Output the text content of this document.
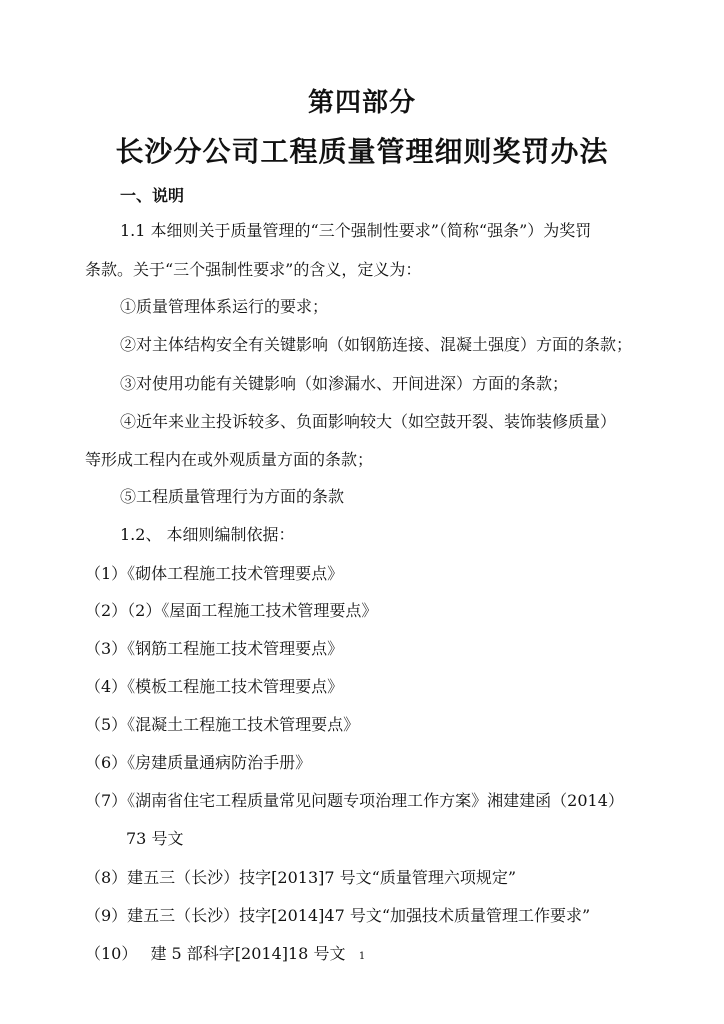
第四部分
长沙分公司工程质量管理细则奖罚办法
一、说明
1.1 本细则关于质量管理的“三个强制性要求”（简称“强条”）为奖罚
条款。关于“三个强制性要求”的含义，定义为：
①质量管理体系运行的要求；
②对主体结构安全有关键影响（如钢筋连接、混凝土强度）方面的条款；
③对使用功能有关键影响（如渗漏水、开间进深）方面的条款；
④近年来业主投诉较多、负面影响较大（如空鼓开裂、装饰装修质量）
等形成工程内在或外观质量方面的条款；
⑤工程质量管理行为方面的条款
1.2、 本细则编制依据：
（1）《砌体工程施工技术管理要点》
（2）（2）《屋面工程施工技术管理要点》
（3）《钢筋工程施工技术管理要点》
（4）《模板工程施工技术管理要点》
（5）《混凝土工程施工技术管理要点》
（6）《房建质量通病防治手册》
（7）《湖南省住宅工程质量常见问题专项治理工作方案》湘建建函（2014）
73 号文
（8）建五三（长沙）技字[2013]7 号文“质量管理六项规定”
（9）建五三（长沙）技字[2014]47 号文“加强技术质量管理工作要求”
（10）　 建 5 部科字[2014]18 号文	1
